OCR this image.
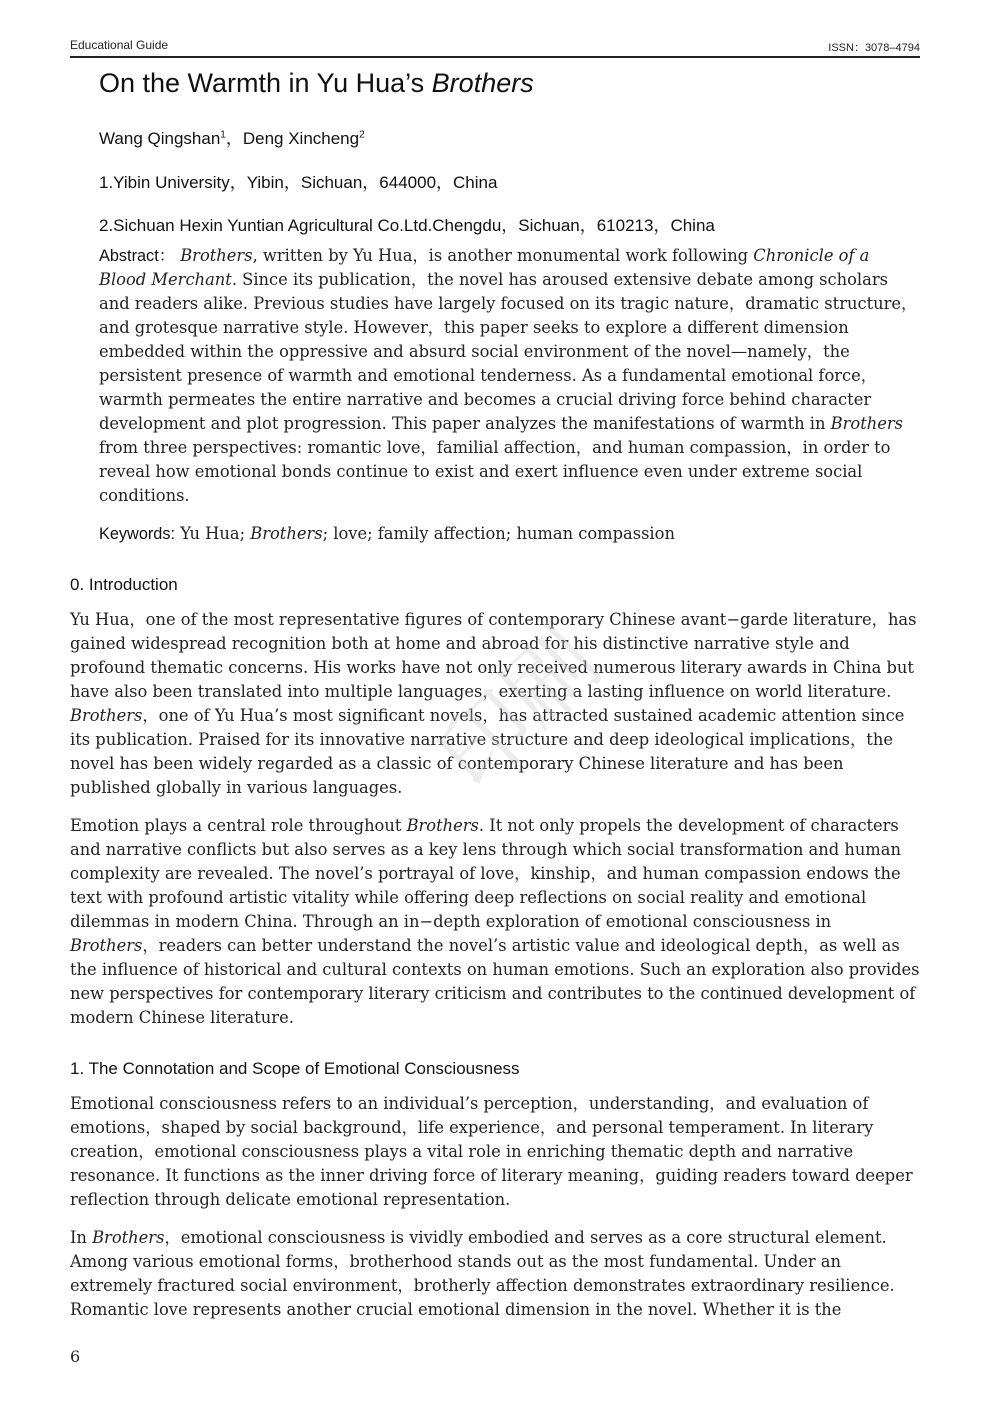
Educational Guide	ISSN：3078–4794
On the Warmth in Yu Hua’s Brothers
Wang Qingshan$^1$，Deng Xincheng$^2$
1.Yibin University，Yibin，Sichuan，644000，China
2.Sichuan Hexin Yuntian Agricultural Co.Ltd.Chengdu，Sichuan，610213，China

Abstract： Brothers, written by Yu Hua，is another monumental work following Chronicle of a Blood Merchant. Since its publication，the novel has aroused extensive debate among scholars and readers alike. Previous studies have largely focused on its tragic nature，dramatic structure，and grotesque narrative style. However，this paper seeks to explore a different dimension embedded within the oppressive and absurd social environment of the novel—namely，the persistent presence of warmth and emotional tenderness. As a fundamental emotional force，warmth permeates the entire narrative and becomes a crucial driving force behind character development and plot progression. This paper analyzes the manifestations of warmth in Brothers from three perspectives: romantic love，familial affection，and human compassion，in order to reveal how emotional bonds continue to exist and exert influence even under extreme social conditions.

Keywords: Yu Hua; Brothers; love; family affection; human compassion

0. Introduction

Yu Hua，one of the most representative figures of contemporary Chinese avant−garde literature，has gained widespread recognition both at home and abroad for his distinctive narrative style and profound thematic concerns. His works have not only received numerous literary awards in China but have also been translated into multiple languages，exerting a lasting influence on world literature. Brothers，one of Yu Hua’s most significant novels，has attracted sustained academic attention since its publication. Praised for its innovative narrative structure and deep ideological implications，the novel has been widely regarded as a classic of contemporary Chinese literature and has been published globally in various languages.

Emotion plays a central role throughout Brothers. It not only propels the development of characters and narrative conflicts but also serves as a key lens through which social transformation and human complexity are revealed. The novel’s portrayal of love，kinship，and human compassion endows the text with profound artistic vitality while offering deep reflections on social reality and emotional dilemmas in modern China. Through an in−depth exploration of emotional consciousness in Brothers，readers can better understand the novel’s artistic value and ideological depth，as well as the influence of historical and cultural contexts on human emotions. Such an exploration also provides new perspectives for contemporary literary criticism and contributes to the continued development of modern Chinese literature.

1. The Connotation and Scope of Emotional Consciousness

Emotional consciousness refers to an individual’s perception，understanding，and evaluation of emotions，shaped by social background，life experience，and personal temperament. In literary creation，emotional consciousness plays a vital role in enriching thematic depth and narrative resonance. It functions as the inner driving force of literary meaning，guiding readers toward deeper reflection through delicate emotional representation.

In Brothers，emotional consciousness is vividly embodied and serves as a core structural element. Among various emotional forms，brotherhood stands out as the most fundamental. Under an extremely fractured social environment，brotherly affection demonstrates extraordinary resilience. Romantic love represents another crucial emotional dimension in the novel. Whether it is the

6
印刷
